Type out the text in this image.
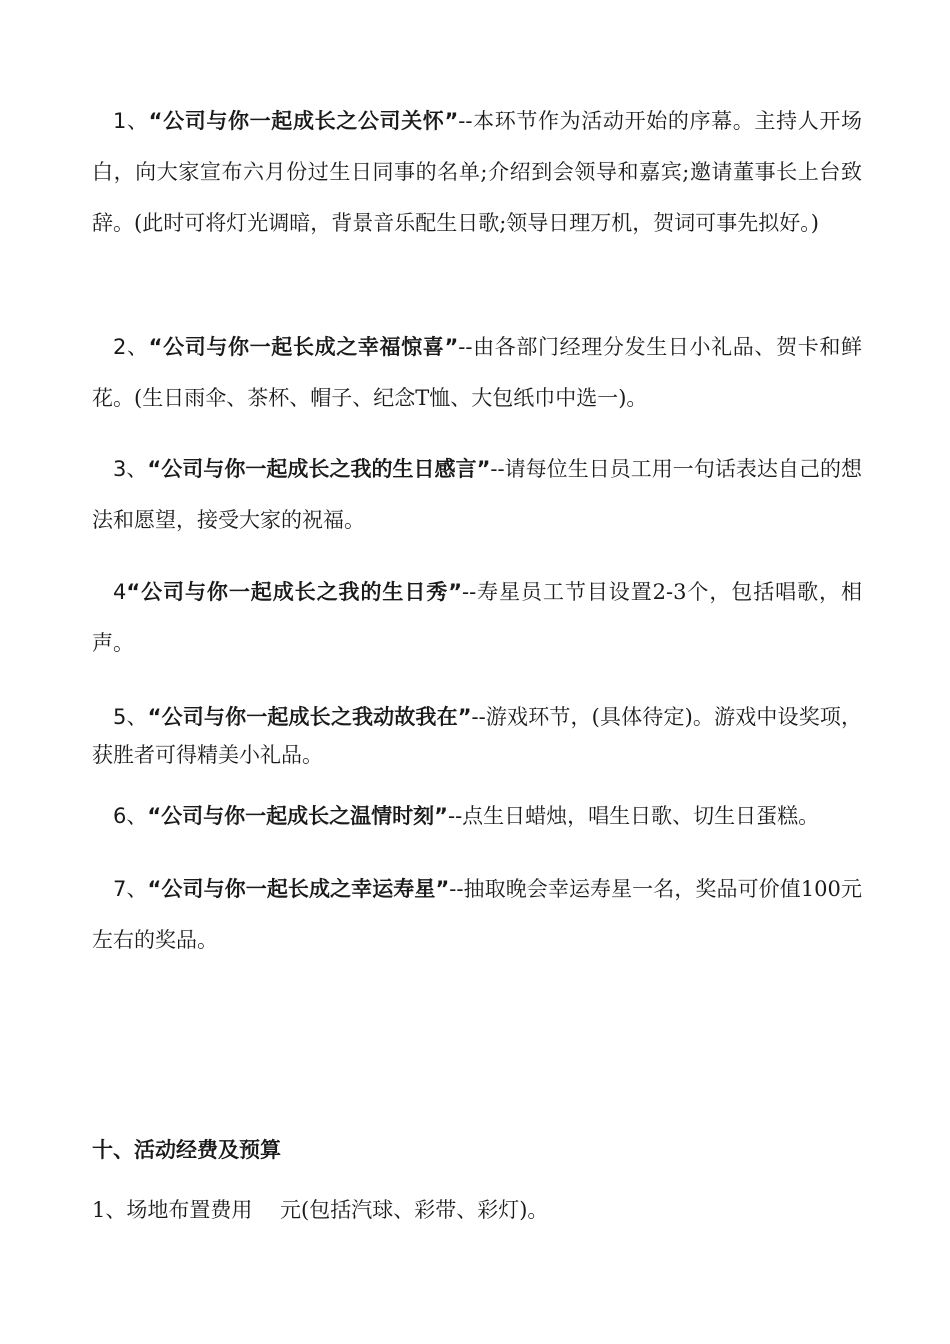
1、“公司与你一起成长之公司关怀”--本环节作为活动开始的序幕。主持人开场白，向大家宣布六月份过生日同事的名单;介绍到会领导和嘉宾;邀请董事长上台致辞。(此时可将灯光调暗，背景音乐配生日歌;领导日理万机，贺词可事先拟好。)

2、“公司与你一起长成之幸福惊喜”--由各部门经理分发生日小礼品、贺卡和鲜花。(生日雨伞、茶杯、帽子、纪念T恤、大包纸巾中选一)。

3、“公司与你一起成长之我的生日感言”--请每位生日员工用一句话表达自己的想法和愿望，接受大家的祝福。

4“公司与你一起成长之我的生日秀”--寿星员工节目设置2-3个，包括唱歌，相声。

5、“公司与你一起成长之我动故我在”--游戏环节，(具体待定)。游戏中设奖项，获胜者可得精美小礼品。

6、“公司与你一起成长之温情时刻”--点生日蜡烛，唱生日歌、切生日蛋糕。

7、“公司与你一起长成之幸运寿星”--抽取晚会幸运寿星一名，奖品可价值100元左右的奖品。

十、活动经费及预算

1、场地布置费用　 元(包括汽球、彩带、彩灯)。
